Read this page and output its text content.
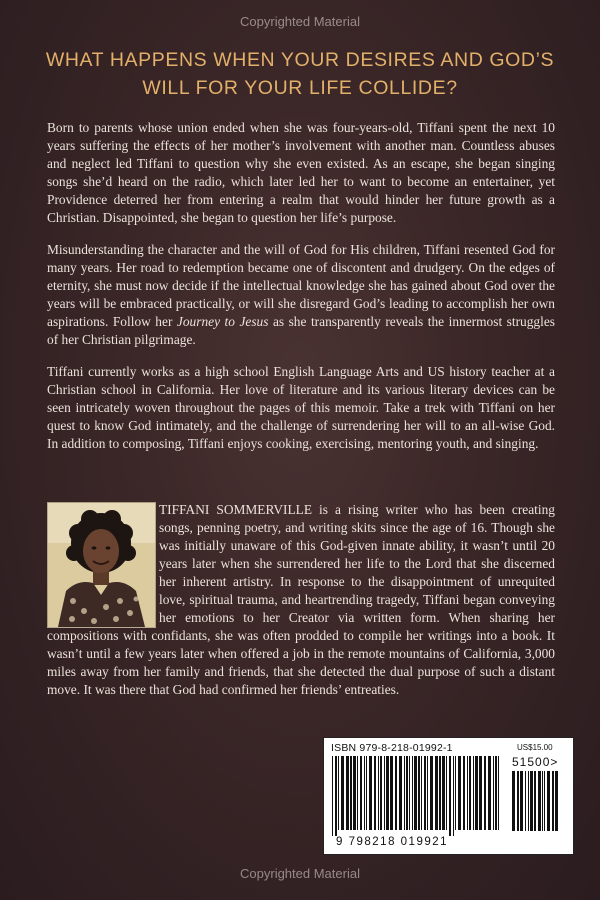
Copyrighted Material
WHAT HAPPENS WHEN YOUR DESIRES AND GOD’S WILL FOR YOUR LIFE COLLIDE?

Born to parents whose union ended when she was four-years-old, Tiffani spent the next 10 years suffering the effects of her mother’s involvement with another man. Countless abuses and neglect led Tiffani to question why she even existed. As an escape, she began singing songs she’d heard on the radio, which later led her to want to become an entertainer, yet Providence deterred her from entering a realm that would hinder her future growth as a Christian. Disappointed, she began to question her life’s purpose.

Misunderstanding the character and the will of God for His children, Tiffani resented God for many years. Her road to redemption became one of discontent and drudgery. On the edges of eternity, she must now decide if the intellectual knowledge she has gained about God over the years will be embraced practically, or will she disregard God’s leading to accomplish her own aspirations. Follow her Journey to Jesus as she transparently reveals the innermost struggles of her Christian pilgrimage.

Tiffani currently works as a high school English Language Arts and US history teacher at a Christian school in California. Her love of literature and its various literary devices can be seen intricately woven throughout the pages of this memoir. Take a trek with Tiffani on her quest to know God intimately, and the challenge of surrendering her will to an all-wise God. In addition to composing, Tiffani enjoys cooking, exercising, mentoring youth, and singing.

TIFFANI SOMMERVILLE is a rising writer who has been creating songs, penning poetry, and writing skits since the age of 16. Though she was initially unaware of this God-given innate ability, it wasn’t until 20 years later when she surrendered her life to the Lord that she discerned her inherent artistry. In response to the disappointment of unrequited love, spiritual trauma, and heartrending tragedy, Tiffani began conveying her emotions to her Creator via written form. When sharing her compositions with confidants, she was often prodded to compile her writings into a book. It wasn’t until a few years later when offered a job in the remote mountains of California, 3,000 miles away from her family and friends, that she detected the dual purpose of such a distant move. It was there that God had confirmed her friends’ entreaties.

ISBN 979-8-218-01992-1	US$15.00
51500>
9 798218 019921
Copyrighted Material
